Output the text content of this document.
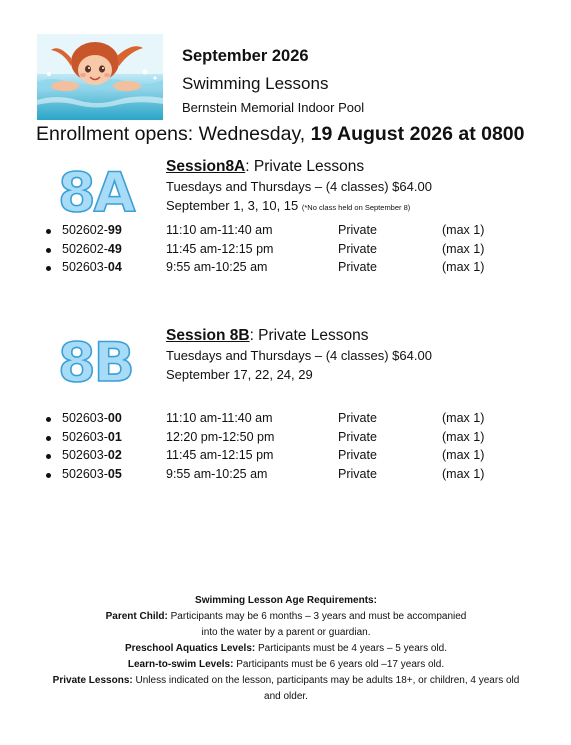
September 2026
Swimming Lessons
Bernstein Memorial Indoor Pool
Enrollment opens: Wednesday, 19 August 2026 at 0800
8A Session8A: Private Lessons
Tuesdays and Thursdays – (4 classes) $64.00
September 1, 3, 10, 15 (*No class held on September 8)
502602-99	11:10 am-11:40 am	Private	(max 1)
502602-49	11:45 am-12:15 pm	Private	(max 1)
502603-04	9:55 am-10:25 am	Private	(max 1)
8B Session 8B: Private Lessons
Tuesdays and Thursdays – (4 classes) $64.00
September 17, 22, 24, 29
502603-00	11:10 am-11:40 am	Private	(max 1)
502603-01	12:20 pm-12:50 pm	Private	(max 1)
502603-02	11:45 am-12:15 pm	Private	(max 1)
502603-05	9:55 am-10:25 am	Private	(max 1)
Swimming Lesson Age Requirements:
Parent Child: Participants may be 6 months – 3 years and must be accompanied
into the water by a parent or guardian.
Preschool Aquatics Levels: Participants must be 4 years – 5 years old.
Learn-to-swim Levels: Participants must be 6 years old –17 years old.
Private Lessons: Unless indicated on the lesson, participants may be adults 18+, or children, 4 years old
and older.
